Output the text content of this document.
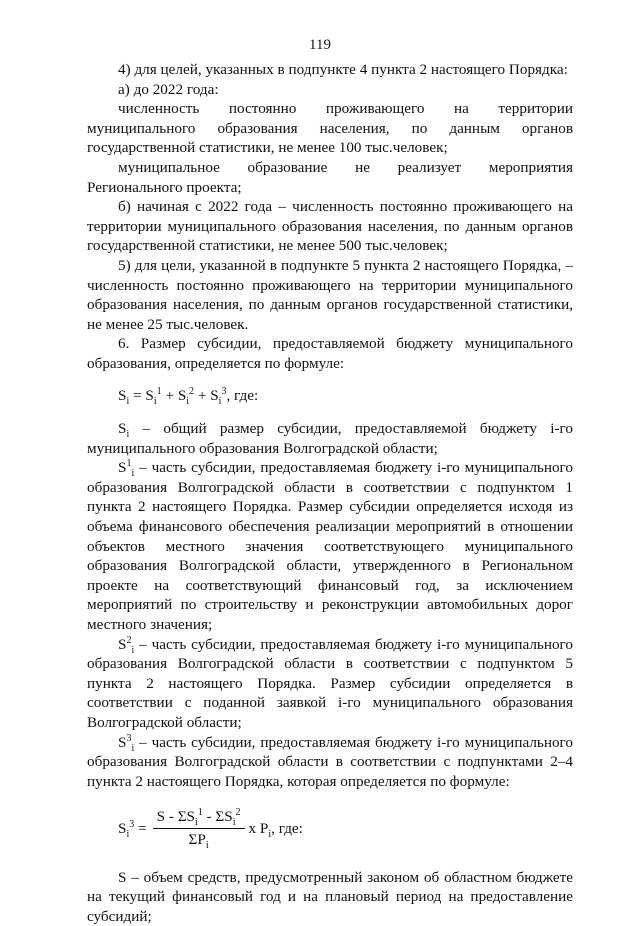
119

4) для целей, указанных в подпункте 4 пункта 2 настоящего Порядка:

а) до 2022 года:

численность постоянно проживающего на территории муниципального образования населения, по данным органов государственной статистики, не менее 100 тыс.человек;

муниципальное образование не реализует мероприятия Регионального проекта;

б) начиная с 2022 года – численность постоянно проживающего на территории муниципального образования населения, по данным органов государственной статистики, не менее 500 тыс.человек;

5) для цели, указанной в подпункте 5 пункта 2 настоящего Порядка, – численность постоянно проживающего на территории муниципального образования населения, по данным органов государственной статистики, не менее 25 тыс.человек.

6. Размер субсидии, предоставляемой бюджету муниципального образования, определяется по формуле:

$S_i = S_i^1 + S_i^2 + S_i^3$, где:

$S_i$ – общий размер субсидии, предоставляемой бюджету i-го муниципального образования Волгоградской области;

$S^1_i$ – часть субсидии, предоставляемая бюджету i-го муниципального образования Волгоградской области в соответствии с подпунктом 1 пункта 2 настоящего Порядка. Размер субсидии определяется исходя из объема финансового обеспечения реализации мероприятий в отношении объектов местного значения соответствующего муниципального образования Волгоградской области, утвержденного в Региональном проекте на соответствующий финансовый год, за исключением мероприятий по строительству и реконструкции автомобильных дорог местного значения;

$S^2_i$ – часть субсидии, предоставляемая бюджету i-го муниципального образования Волгоградской области в соответствии с подпунктом 5 пункта 2 настоящего Порядка. Размер субсидии определяется в соответствии с поданной заявкой i-го муниципального образования Волгоградской области;

$S^3_i$ – часть субсидии, предоставляемая бюджету i-го муниципального образования Волгоградской области в соответствии с подпунктами 2–4 пункта 2 настоящего Порядка, которая определяется по формуле:

$S_i^3 = \frac{S - \Sigma S_i^1 - \Sigma S_i^2}{\Sigma P_i}$ x $P_i$, где:

S – объем средств, предусмотренный законом об областном бюджете на текущий финансовый год и на плановый период на предоставление субсидий;
